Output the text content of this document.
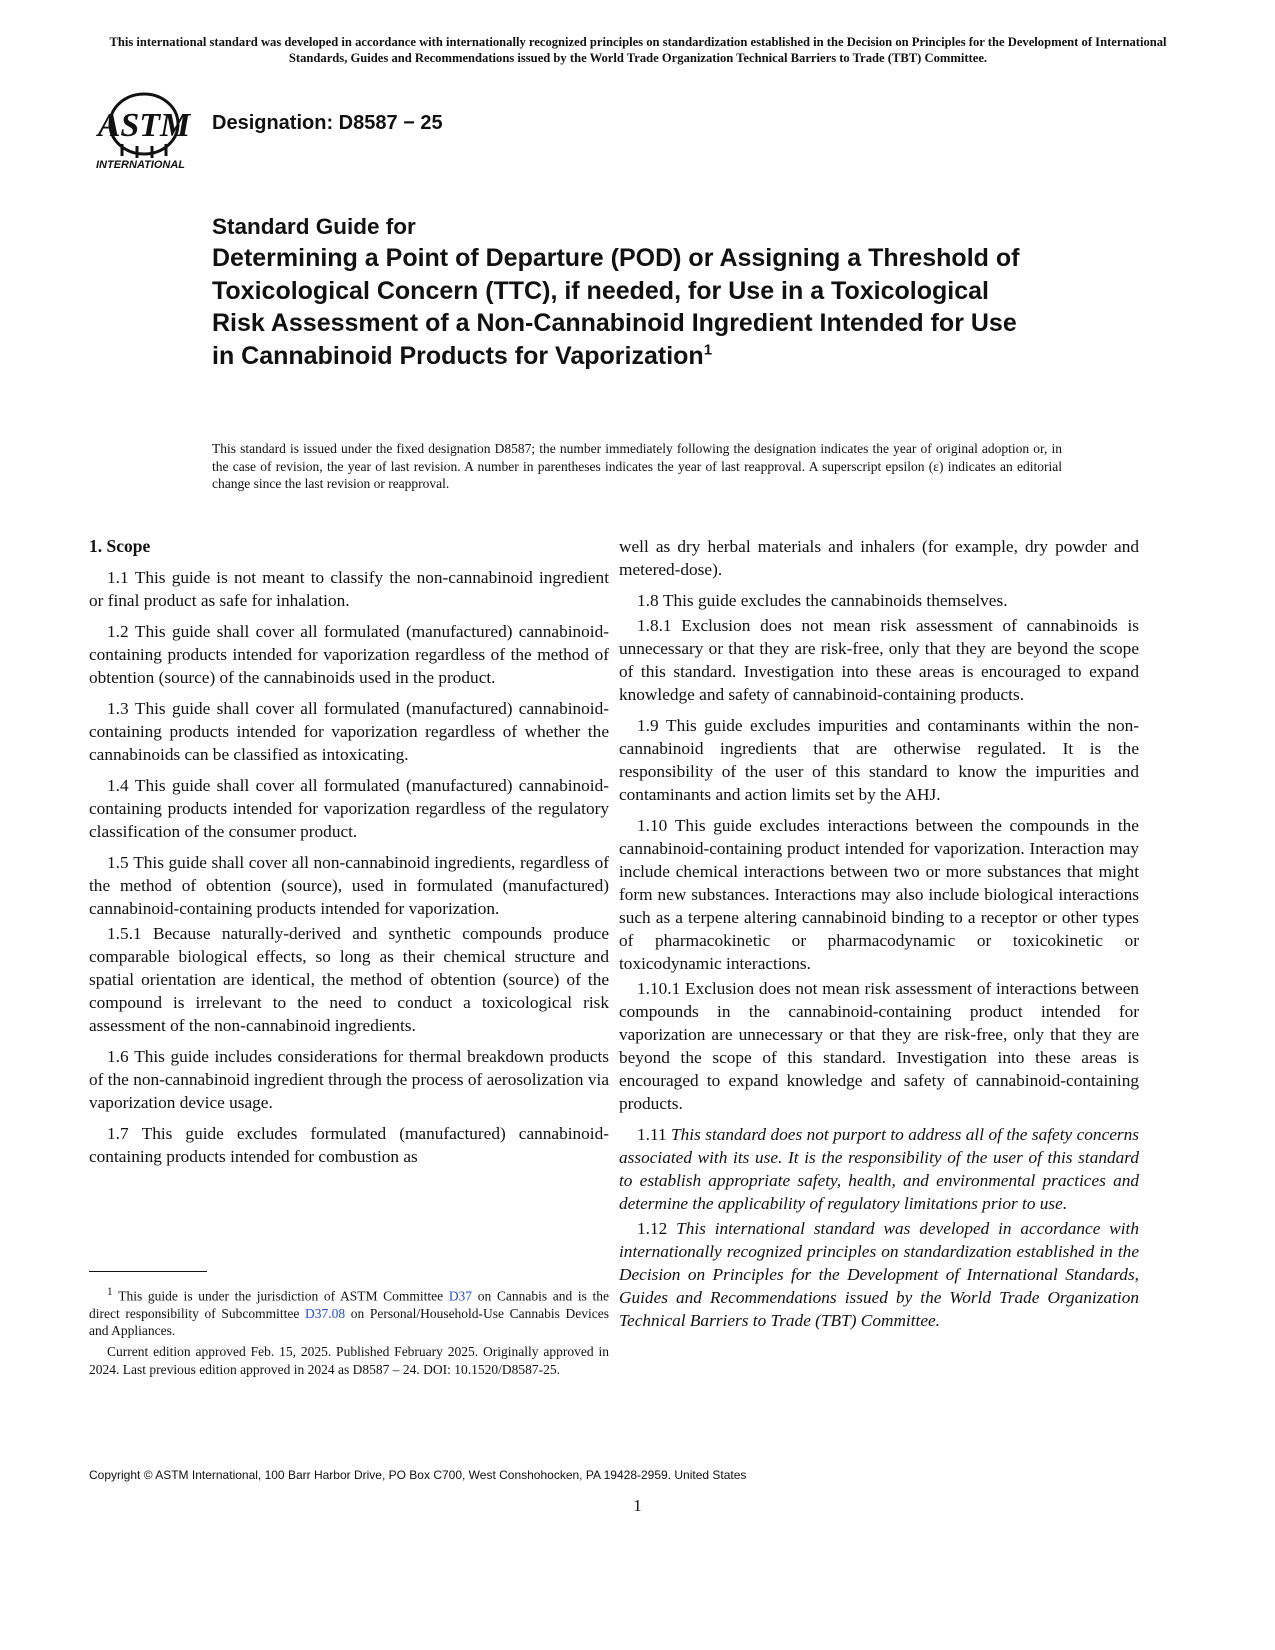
This international standard was developed in accordance with internationally recognized principles on standardization established in the Decision on Principles for the Development of International Standards, Guides and Recommendations issued by the World Trade Organization Technical Barriers to Trade (TBT) Committee.
ASTM
INTERNATIONAL
Designation: D8587 − 25
Standard Guide for

Determining a Point of Departure (POD) or Assigning a Threshold of Toxicological Concern (TTC), if needed, for Use in a Toxicological Risk Assessment of a Non-Cannabinoid Ingredient Intended for Use in Cannabinoid Products for Vaporization$^1$

This standard is issued under the fixed designation D8587; the number immediately following the designation indicates the year of original adoption or, in the case of revision, the year of last revision. A number in parentheses indicates the year of last reapproval. A superscript epsilon (ε) indicates an editorial change since the last revision or reapproval.
1. Scope

1.1 This guide is not meant to classify the non-cannabinoid ingredient or final product as safe for inhalation.

1.2 This guide shall cover all formulated (manufactured) cannabinoid-containing products intended for vaporization regardless of the method of obtention (source) of the cannabinoids used in the product.

1.3 This guide shall cover all formulated (manufactured) cannabinoid-containing products intended for vaporization regardless of whether the cannabinoids can be classified as intoxicating.

1.4 This guide shall cover all formulated (manufactured) cannabinoid-containing products intended for vaporization regardless of the regulatory classification of the consumer product.

1.5 This guide shall cover all non-cannabinoid ingredients, regardless of the method of obtention (source), used in formulated (manufactured) cannabinoid-containing products intended for vaporization.

1.5.1 Because naturally-derived and synthetic compounds produce comparable biological effects, so long as their chemical structure and spatial orientation are identical, the method of obtention (source) of the compound is irrelevant to the need to conduct a toxicological risk assessment of the non-cannabinoid ingredients.

1.6 This guide includes considerations for thermal breakdown products of the non-cannabinoid ingredient through the process of aerosolization via vaporization device usage.

1.7 This guide excludes formulated (manufactured) cannabinoid-containing products intended for combustion as

well as dry herbal materials and inhalers (for example, dry powder and metered-dose).

1.8 This guide excludes the cannabinoids themselves.

1.8.1 Exclusion does not mean risk assessment of cannabinoids is unnecessary or that they are risk-free, only that they are beyond the scope of this standard. Investigation into these areas is encouraged to expand knowledge and safety of cannabinoid-containing products.

1.9 This guide excludes impurities and contaminants within the non-cannabinoid ingredients that are otherwise regulated. It is the responsibility of the user of this standard to know the impurities and contaminants and action limits set by the AHJ.

1.10 This guide excludes interactions between the compounds in the cannabinoid-containing product intended for vaporization. Interaction may include chemical interactions between two or more substances that might form new substances. Interactions may also include biological interactions such as a terpene altering cannabinoid binding to a receptor or other types of pharmacokinetic or pharmacodynamic or toxicokinetic or toxicodynamic interactions.

1.10.1 Exclusion does not mean risk assessment of interactions between compounds in the cannabinoid-containing product intended for vaporization are unnecessary or that they are risk-free, only that they are beyond the scope of this standard. Investigation into these areas is encouraged to expand knowledge and safety of cannabinoid-containing products.

1.11 This standard does not purport to address all of the safety concerns associated with its use. It is the responsibility of the user of this standard to establish appropriate safety, health, and environmental practices and determine the applicability of regulatory limitations prior to use.

1.12 This international standard was developed in accordance with internationally recognized principles on standardization established in the Decision on Principles for the Development of International Standards, Guides and Recommendations issued by the World Trade Organization Technical Barriers to Trade (TBT) Committee.

$^1$ This guide is under the jurisdiction of ASTM Committee D37 on Cannabis and is the direct responsibility of Subcommittee D37.08 on Personal/Household-Use Cannabis Devices and Appliances.

Current edition approved Feb. 15, 2025. Published February 2025. Originally approved in 2024. Last previous edition approved in 2024 as D8587 – 24. DOI: 10.1520/D8587-25.

Copyright © ASTM International, 100 Barr Harbor Drive, PO Box C700, West Conshohocken, PA 19428-2959. United States
1
